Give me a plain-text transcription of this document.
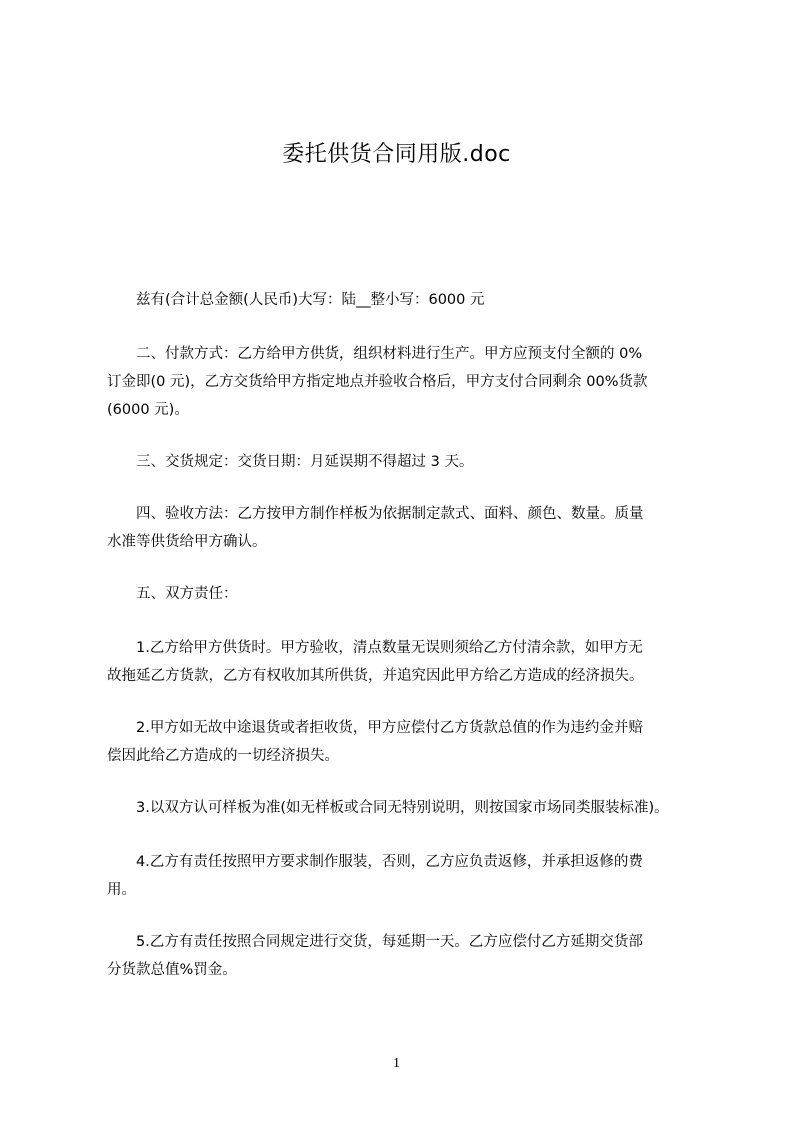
委托供货合同用版.doc
兹有(合计总金额(人民币)大写：陆__整小写：6000 元
二、付款方式：乙方给甲方供货，组织材料进行生产。甲方应预支付全额的 0%
订金即(0 元)，乙方交货给甲方指定地点并验收合格后，甲方支付合同剩余 00%货款
(6000 元)。
三、交货规定：交货日期：月延误期不得超过 3 天。
四、验收方法：乙方按甲方制作样板为依据制定款式、面料、颜色、数量。质量
水准等供货给甲方确认。
五、双方责任：
1.乙方给甲方供货时。甲方验收，清点数量无误则须给乙方付清余款，如甲方无
故拖延乙方货款，乙方有权收加其所供货，并追究因此甲方给乙方造成的经济损失。
2.甲方如无故中途退货或者拒收货，甲方应偿付乙方货款总值的作为违约金并赔
偿因此给乙方造成的一切经济损失。
3.以双方认可样板为准(如无样板或合同无特别说明，则按国家市场同类服装标准)。
4.乙方有责任按照甲方要求制作服装，否则，乙方应负责返修，并承担返修的费
用。
5.乙方有责任按照合同规定进行交货，每延期一天。乙方应偿付乙方延期交货部
分货款总值%罚金。
1
